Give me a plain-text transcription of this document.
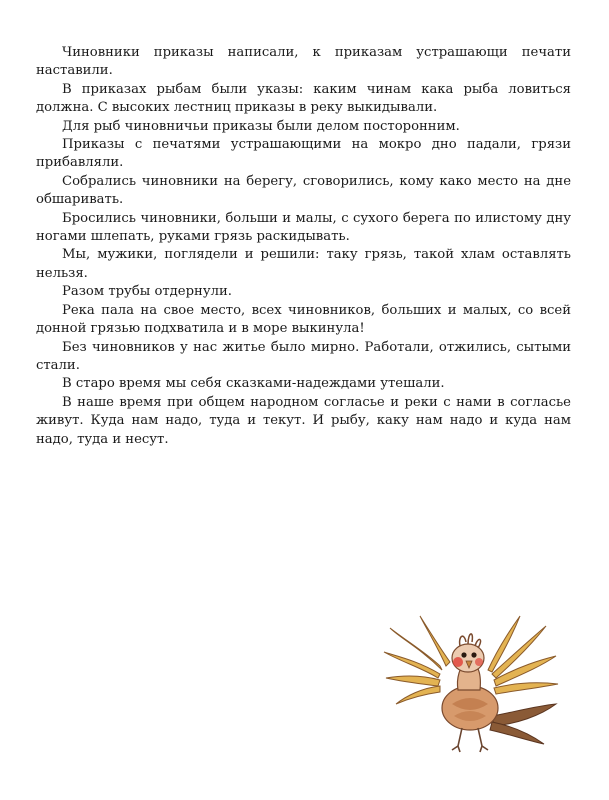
Чиновники приказы написали, к приказам устрашающи печати наставили.

В приказах рыбам были указы: каким чинам кака рыба ловиться должна. С высоких лестниц приказы в реку выкидывали.

Для рыб чиновничьи приказы были делом посторонним.

Приказы с печатями устрашающими на мокро дно падали, грязи прибавляли.

Собрались чиновники на берегу, сговорились, кому како место на дне обшаривать.

Бросились чиновники, больши и малы, с сухого берега по илистому дну ногами шлепать, руками грязь раскидывать.

Мы, мужики, поглядели и решили: таку грязь, такой хлам оставлять нельзя.

Разом трубы отдернули.

Река пала на свое место, всех чиновников, больших и малых, со всей донной грязью подхватила и в море выкинула!

Без чиновников у нас житье было мирно. Работали, отжились, сытыми стали.

В старо время мы себя сказками-надеждами утешали.

В наше время при общем народном согласье и реки с нами в согласье живут. Куда нам надо, туда и текут. И рыбу, каку нам надо и куда нам надо, туда и несут.
